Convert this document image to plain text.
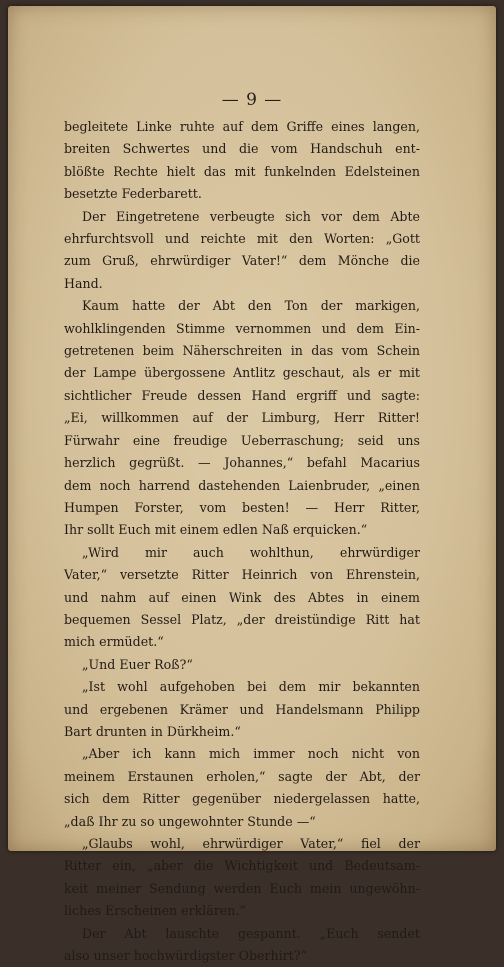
— 9 —
begleitete Linke ruhte auf dem Griffe eines langen,
breiten Schwertes und die vom Handschuh ent-
blößte Rechte hielt das mit funkelnden Edelsteinen
besetzte Federbarett.
Der Eingetretene verbeugte sich vor dem Abte
ehrfurchtsvoll und reichte mit den Worten: „Gott
zum Gruß, ehrwürdiger Vater!“ dem Mönche die
Hand.
Kaum hatte der Abt den Ton der markigen,
wohlklingenden Stimme vernommen und dem Ein-
getretenen beim Näherschreiten in das vom Schein
der Lampe übergossene Antlitz geschaut, als er mit
sichtlicher Freude dessen Hand ergriff und sagte:
„Ei, willkommen auf der Limburg, Herr Ritter!
Fürwahr eine freudige Ueberraschung; seid uns
herzlich gegrüßt. — Johannes,“ befahl Macarius
dem noch harrend dastehenden Laienbruder, „einen
Humpen Forster, vom besten! — Herr Ritter,
Ihr sollt Euch mit einem edlen Naß erquicken.“
„Wird mir auch wohlthun, ehrwürdiger
Vater,“ versetzte Ritter Heinrich von Ehrenstein,
und nahm auf einen Wink des Abtes in einem
bequemen Sessel Platz, „der dreistündige Ritt hat
mich ermüdet.“
„Und Euer Roß?“
„Ist wohl aufgehoben bei dem mir bekannten
und ergebenen Krämer und Handelsmann Philipp
Bart drunten in Dürkheim.“
„Aber ich kann mich immer noch nicht von
meinem Erstaunen erholen,“ sagte der Abt, der
sich dem Ritter gegenüber niedergelassen hatte,
„daß Ihr zu so ungewohnter Stunde —“
„Glaubs wohl, ehrwürdiger Vater,“ fiel der
Ritter ein, „aber die Wichtigkeit und Bedeutsam-
keit meiner Sendung werden Euch mein ungewöhn-
liches Erscheinen erklären.“
Der Abt lauschte gespannt. „Euch sendet
also unser hochwürdigster Oberhirt?“
